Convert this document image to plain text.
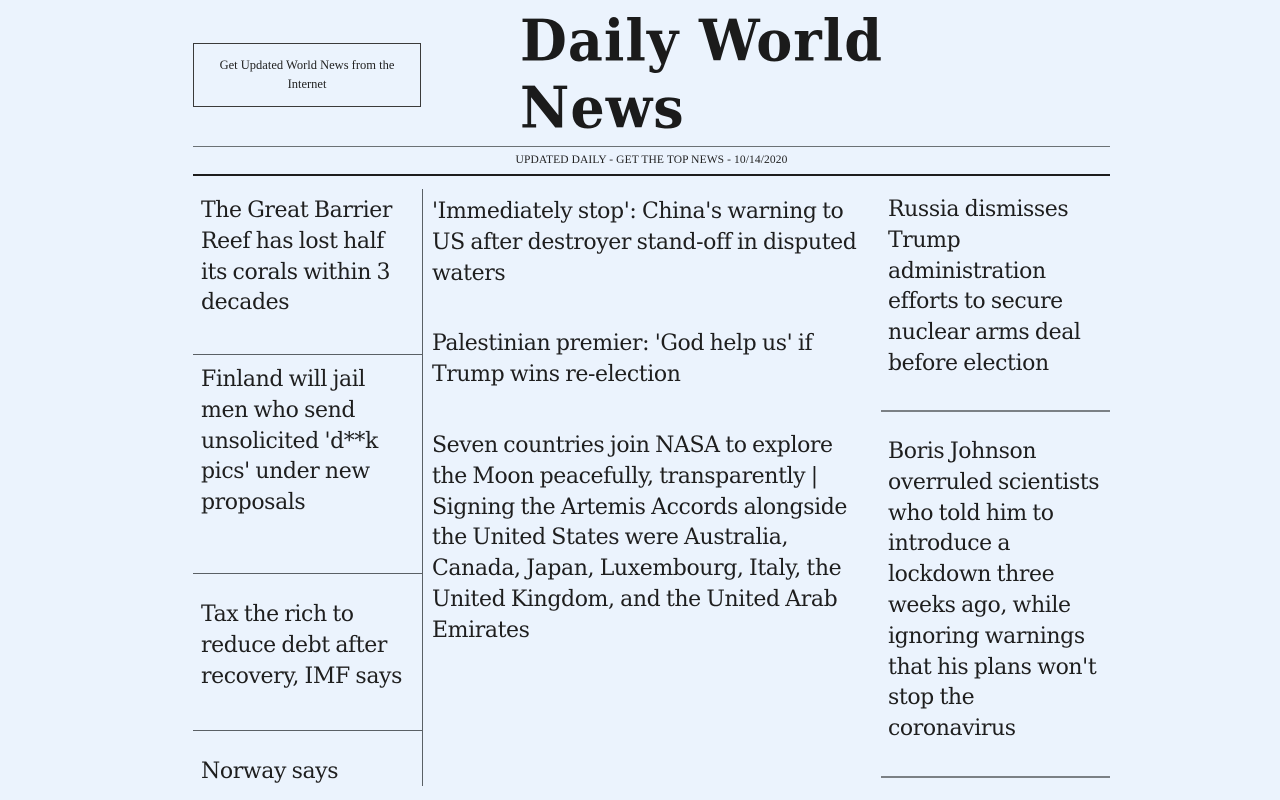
Get Updated World News from the Internet
Daily World News
UPDATED DAILY - GET THE TOP NEWS - 10/14/2020
The Great Barrier Reef has lost half its corals within 3 decades
Finland will jail men who send unsolicited 'd**k pics' under new proposals
Tax the rich to reduce debt after recovery, IMF says
Norway says
'Immediately stop': China's warning to US after destroyer stand-off in disputed waters
Palestinian premier: 'God help us' if Trump wins re-election
Seven countries join NASA to explore the Moon peacefully, transparently | Signing the Artemis Accords alongside the United States were Australia, Canada, Japan, Luxembourg, Italy, the United Kingdom, and the United Arab Emirates
Russia dismisses Trump administration efforts to secure nuclear arms deal before election
Boris Johnson overruled scientists who told him to introduce a lockdown three weeks ago, while ignoring warnings that his plans won't stop the coronavirus
